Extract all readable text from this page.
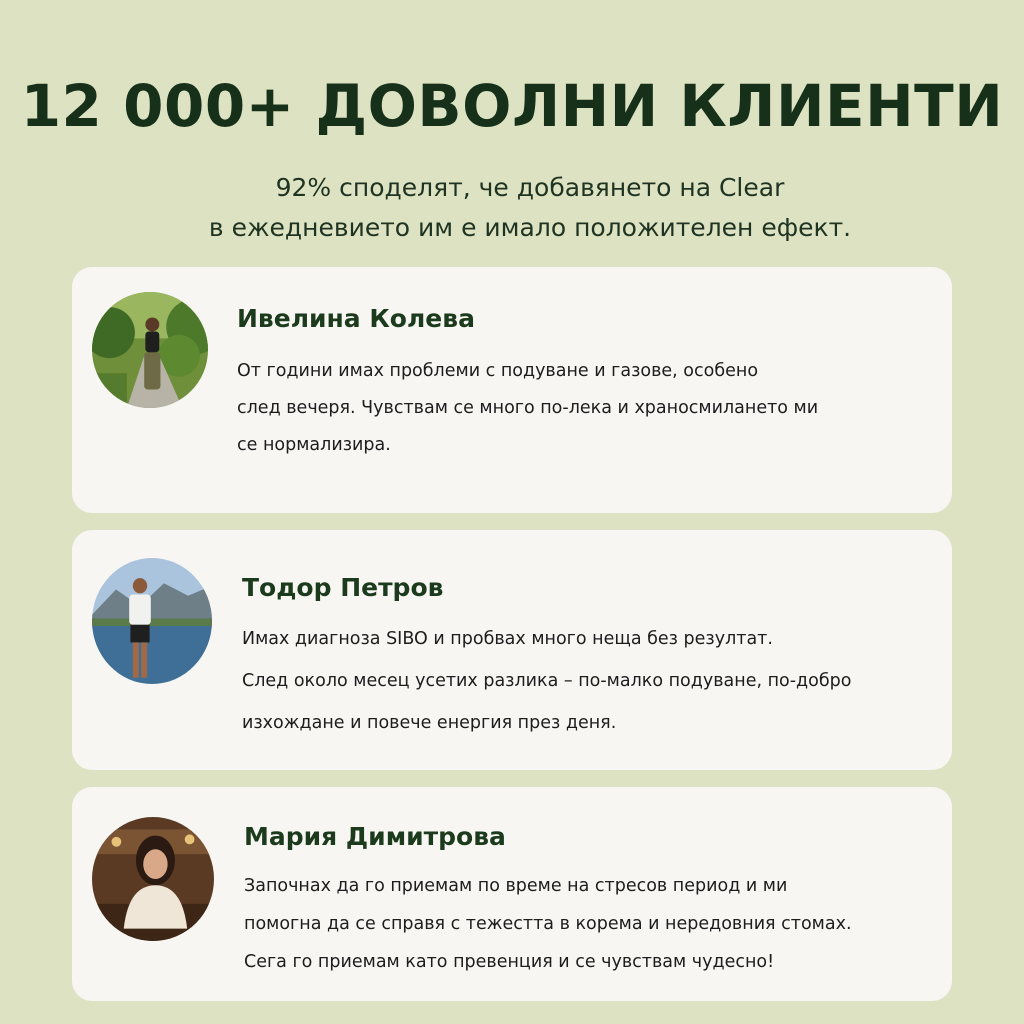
12 000+ ДОВОЛНИ КЛИЕНТИ
92% споделят, че добавянето на Clear
в ежедневието им е имало положителен ефект.
Ивелина Колева
От години имах проблеми с подуване и газове, особено
след вечеря. Чувствам се много по-лека и храносмилането ми
се нормализира.
Тодор Петров
Имах диагноза SIBO и пробвах много неща без резултат.
След около месец усетих разлика – по-малко подуване, по-добро
изхождане и повече енергия през деня.
Мария Димитрова
Започнах да го приемам по време на стресов период и ми
помогна да се справя с тежестта в корема и нередовния стомах.
Сега го приемам като превенция и се чувствам чудесно!
